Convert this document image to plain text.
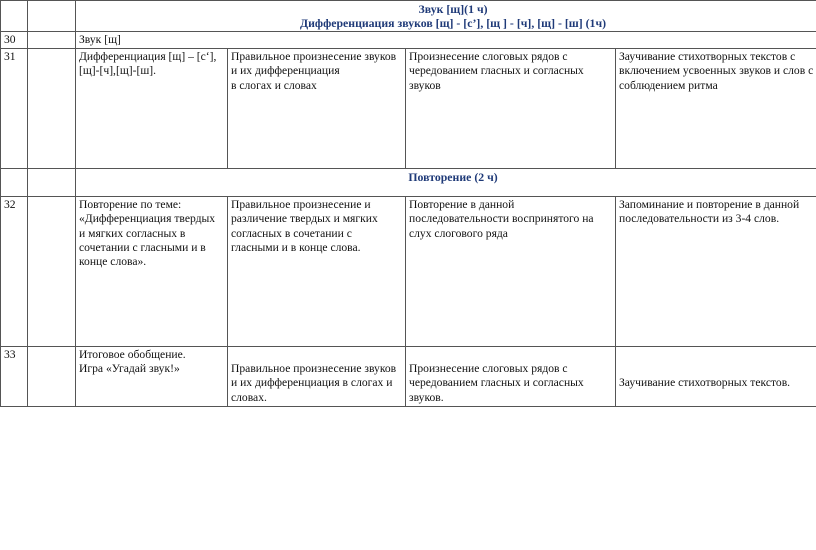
		Звук [щ](1 ч)
Дифференциация звуков [щ] - [с’], [щ ] - [ч], [щ] - [ш] (1ч)			

30		Звук [щ]			
31		Дифференциация [щ] – [с‘],[щ]-[ч],[щ]-[ш].	Правильное произнесение звуков и их дифференциация
в слогах и словах	Произнесение слоговых рядов с чередованием гласных и согласных звуков	Заучивание стихотворных текстов с включением усвоенных звуков и слов с соблюдением ритма

		Повторение (2 ч)			

32		Повторение по теме: «Дифференциация твердых и мягких согласных в сочетании с гласными и в конце слова».	Правильное произнесение и различение твердых и мягких согласных в сочетании с гласными и в конце слова.	Повторение в данной последовательности воспринятого на слух слогового ряда	Запоминание и повторение в данной последовательности из 3-4 слов.
33		Итоговое обобщение.
Игра «Угадай звук!»	Правильное произнесение звуков и их дифференциация в слогах и словах.	Произнесение слоговых рядов с чередованием гласных и согласных звуков.	Заучивание стихотворных текстов.
